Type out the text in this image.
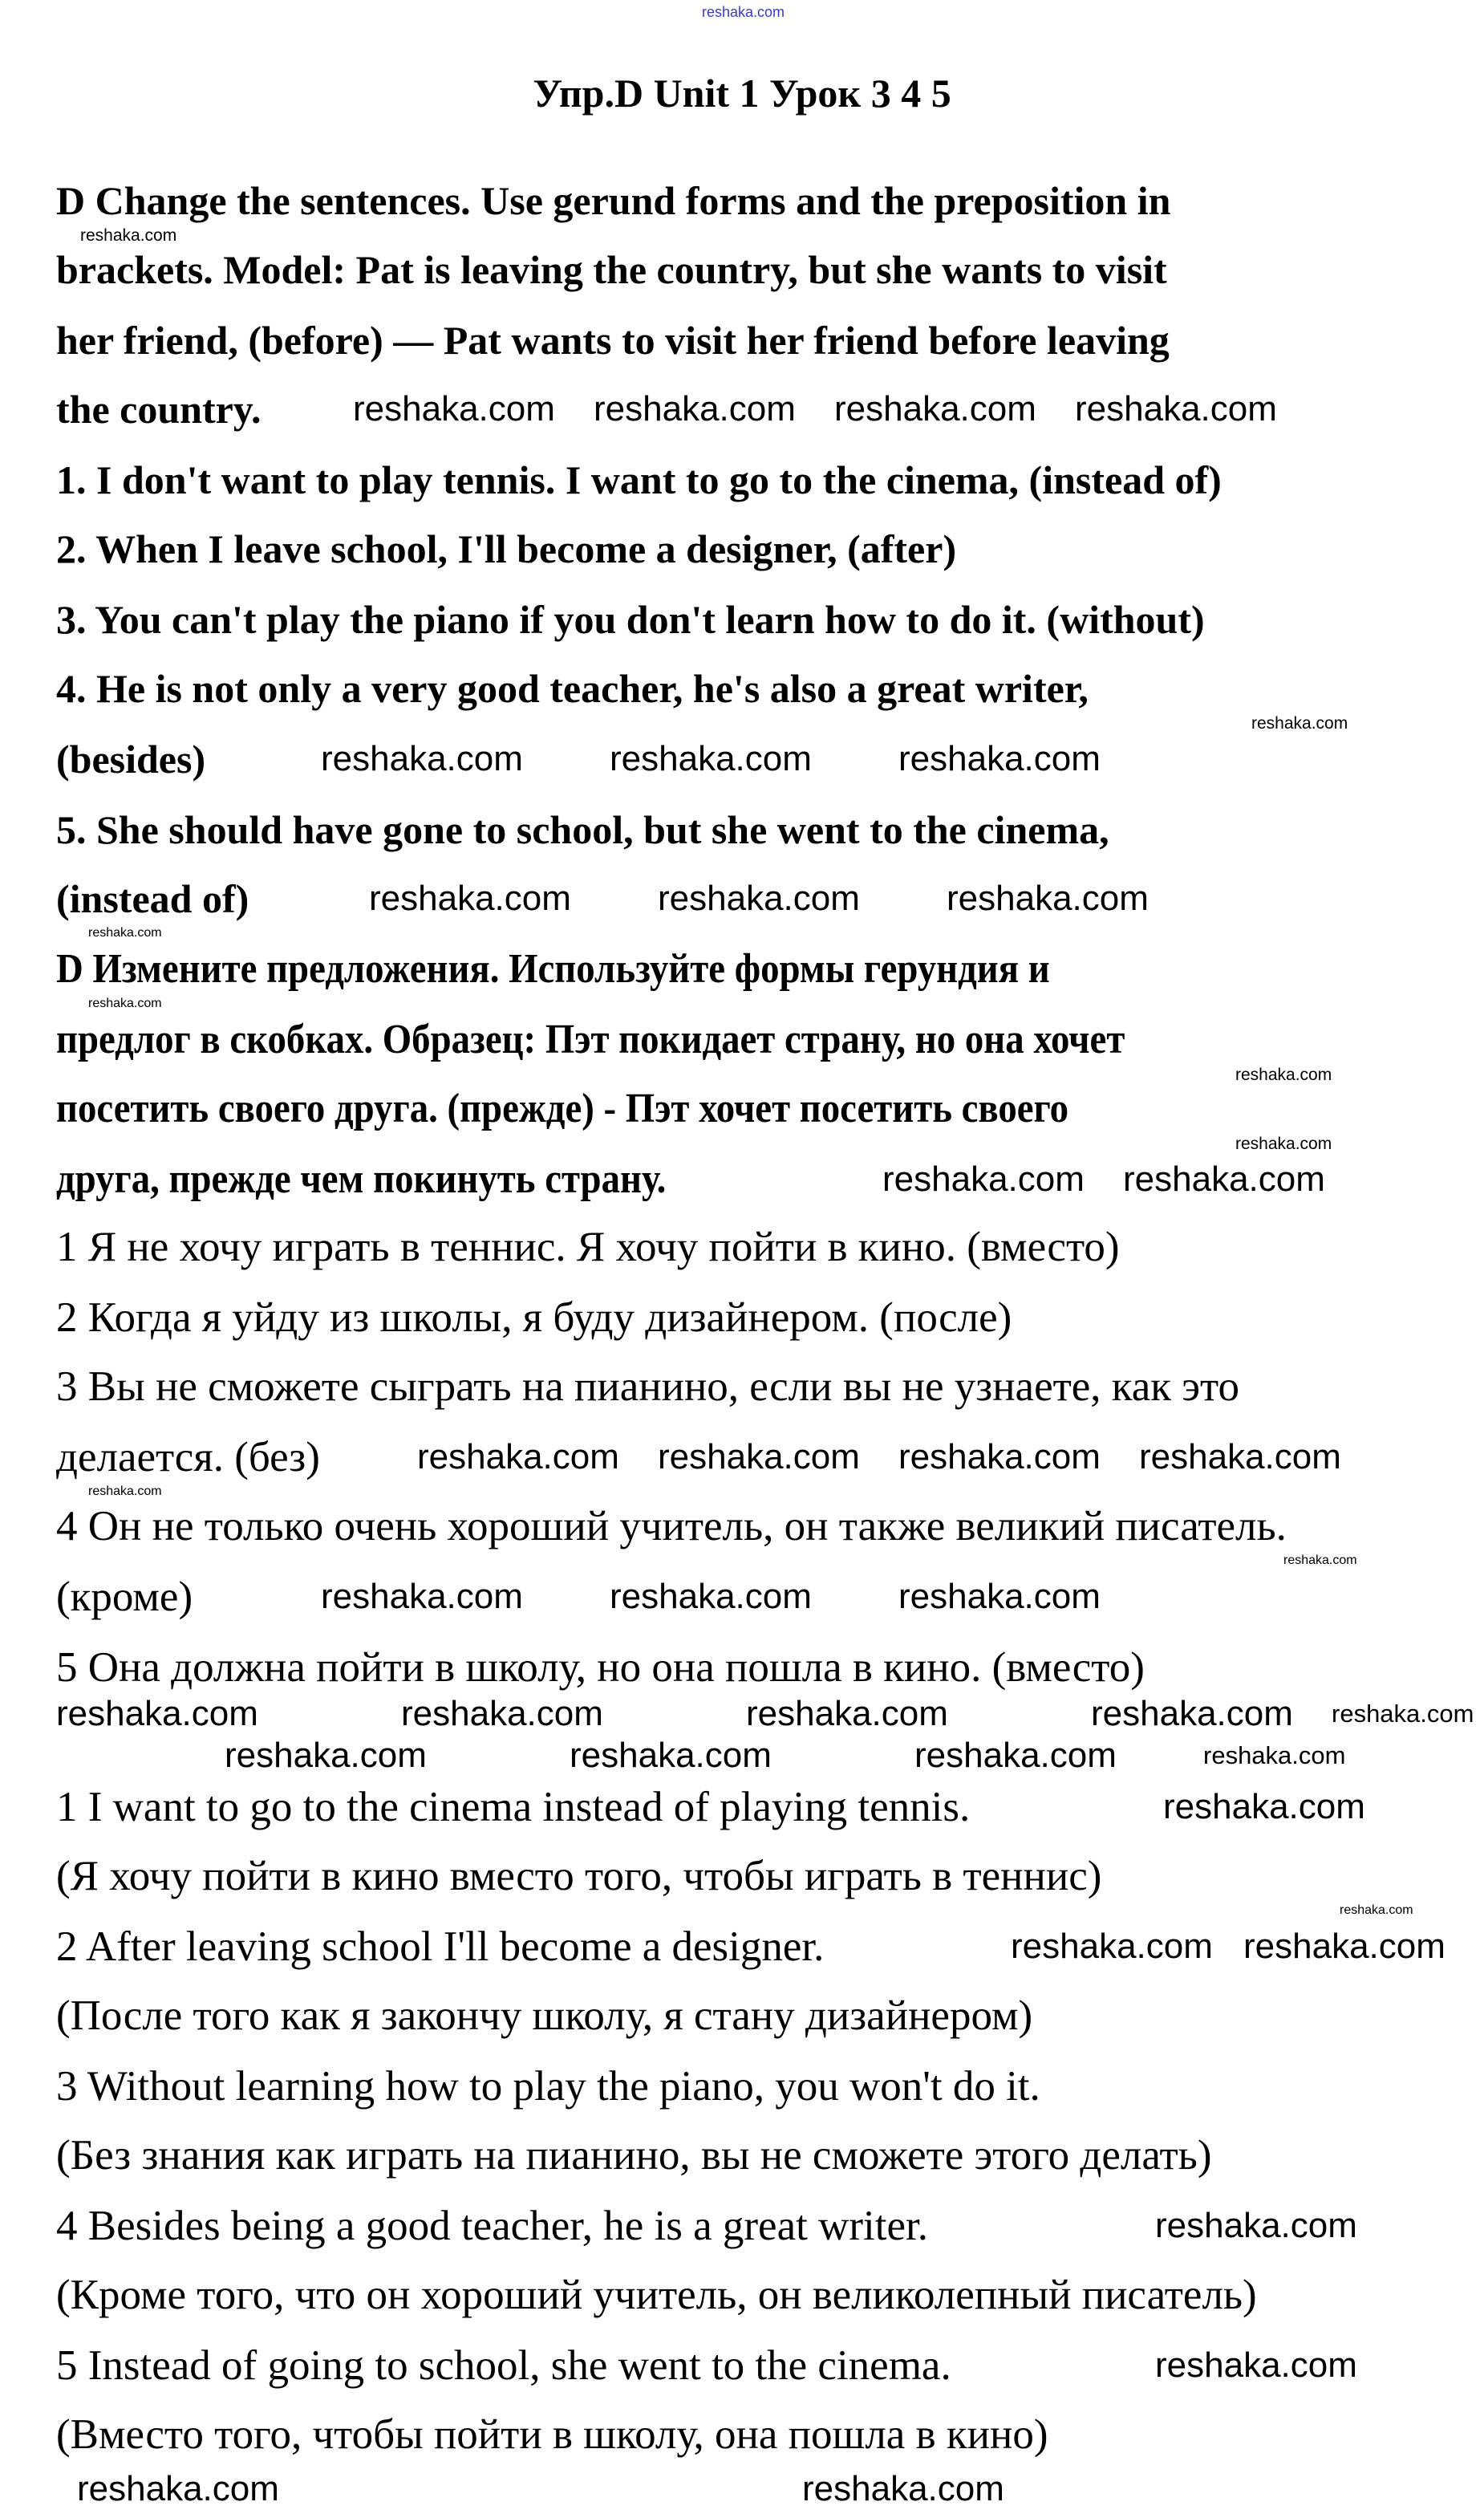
reshaka.com
Упр.D Unit 1 Урок 3 4 5
D Change the sentences. Use gerund forms and the preposition in
brackets. Model: Pat is leaving the country, but she wants to visit
her friend, (before) — Pat wants to visit her friend before leaving
the country.
1. I don't want to play tennis. I want to go to the cinema, (instead of)
2. When I leave school, I'll become a designer, (after)
3. You can't play the piano if you don't learn how to do it. (without)
4. He is not only a very good teacher, he's also a great writer,
(besides)
5. She should have gone to school, but she went to the cinema,
(instead of)
D Измените предложения. Используйте формы герундия и
предлог в скобках. Образец: Пэт покидает страну, но она хочет
посетить своего друга. (прежде) - Пэт хочет посетить своего
друга, прежде чем покинуть страну.
1 Я не хочу играть в теннис. Я хочу пойти в кино. (вместо)
2 Когда я уйду из школы, я буду дизайнером. (после)
3 Вы не сможете сыграть на пианино, если вы не узнаете, как это
делается. (без)
4 Он не только очень хороший учитель, он также великий писатель.
(кроме)
5 Она должна пойти в школу, но она пошла в кино. (вместо)
1 I want to go to the cinema instead of playing tennis.
(Я хочу пойти в кино вместо того, чтобы играть в теннис)
2 After leaving school I'll become a designer.
(После того как я закончу школу, я стану дизайнером)
3 Without learning how to play the piano, you won't do it.
(Без знания как играть на пианино, вы не сможете этого делать)
4 Besides being a good teacher, he is a great writer.
(Кроме того, что он хороший учитель, он великолепный писатель)
5 Instead of going to school, she went to the cinema.
(Вместо того, чтобы пойти в школу, она пошла в кино)
reshaka.com
reshaka.com
reshaka.com
reshaka.com
reshaka.com
reshaka.com
reshaka.com
reshaka.com
reshaka.com
reshaka.com reshaka.com reshaka.com reshaka.com
reshaka.com reshaka.com reshaka.com
reshaka.com reshaka.com reshaka.com
reshaka.com reshaka.com
reshaka.com reshaka.com reshaka.com reshaka.com
reshaka.com reshaka.com reshaka.com
reshaka.com	reshaka.com	reshaka.com	reshaka.com reshaka.com
reshaka.com	reshaka.com	reshaka.com	reshaka.com
reshaka.com
reshaka.com reshaka.com
reshaka.com
reshaka.com
reshaka.com	reshaka.com
